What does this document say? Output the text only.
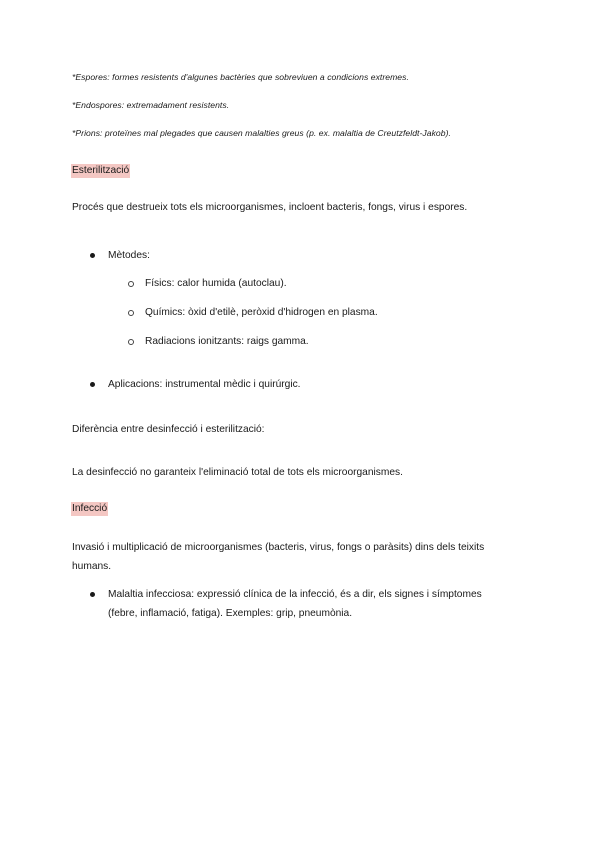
*Espores: formes resistents d'algunes bactèries que sobreviuen a condicions extremes.
*Endospores: extremadament resistents.
*Prions: proteïnes mal plegades que causen malalties greus (p. ex. malaltia de Creutzfeldt-Jakob).
Esterilització
Procés que destrueix tots els microorganismes, incloent bacteris, fongs, virus i espores.
Mètodes:
Físics: calor humida (autoclau).
Químics: òxid d'etilè, peròxid d'hidrogen en plasma.
Radiacions ionitzants: raigs gamma.
Aplicacions: instrumental mèdic i quirúrgic.
Diferència entre desinfecció i esterilització:
La desinfecció no garanteix l'eliminació total de tots els microorganismes.
Infecció
Invasió i multiplicació de microorganismes (bacteris, virus, fongs o paràsits) dins dels teixits
humans.
Malaltia infecciosa: expressió clínica de la infecció, és a dir, els signes i símptomes
(febre, inflamació, fatiga). Exemples: grip, pneumònia.
